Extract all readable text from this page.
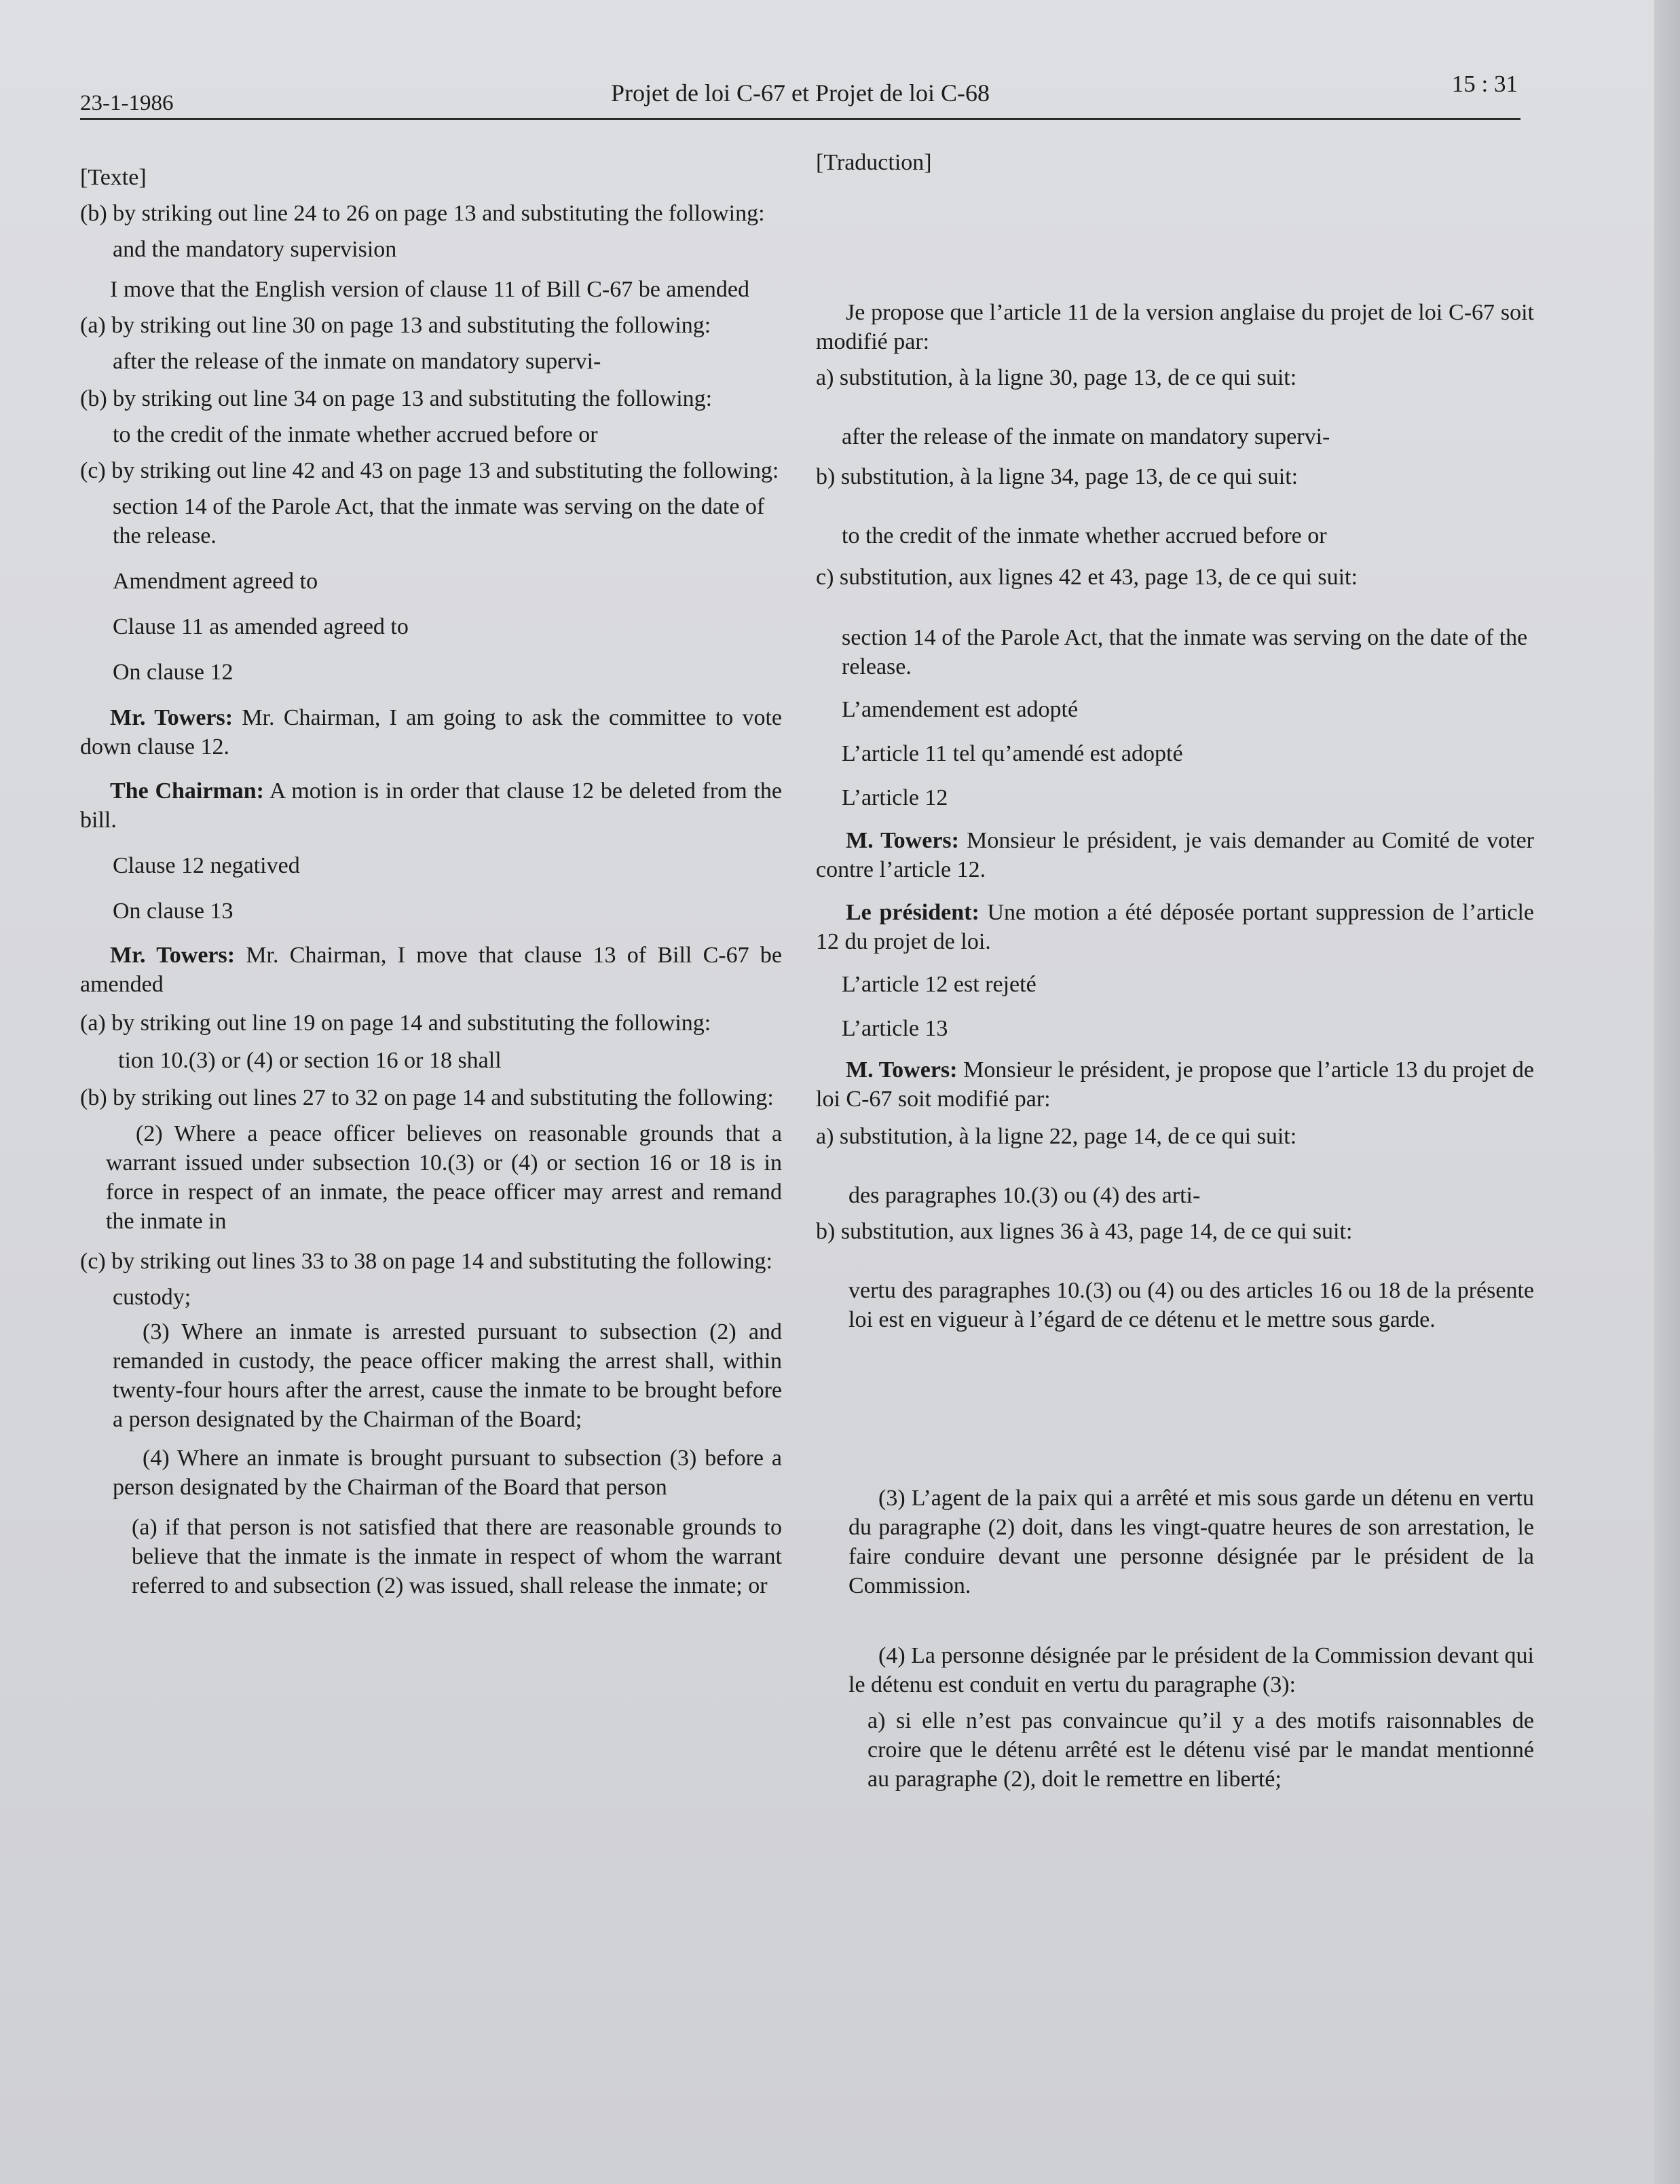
23-1-1986	Projet de loi C-67 et Projet de loi C-68	15 : 31

[Texte]

(b) by striking out line 24 to 26 on page 13 and substituting the following:

and the mandatory supervision

I move that the English version of clause 11 of Bill C-67 be amended

(a) by striking out line 30 on page 13 and substituting the following:

after the release of the inmate on mandatory supervi-

(b) by striking out line 34 on page 13 and substituting the following:

to the credit of the inmate whether accrued before or

(c) by striking out line 42 and 43 on page 13 and substituting the following:

section 14 of the Parole Act, that the inmate was serving on the date of the release.

Amendment agreed to

Clause 11 as amended agreed to

On clause 12

Mr. Towers: Mr. Chairman, I am going to ask the committee to vote down clause 12.

The Chairman: A motion is in order that clause 12 be deleted from the bill.

Clause 12 negatived

On clause 13

Mr. Towers: Mr. Chairman, I move that clause 13 of Bill C-67 be amended

(a) by striking out line 19 on page 14 and substituting the following:

tion 10.(3) or (4) or section 16 or 18 shall

(b) by striking out lines 27 to 32 on page 14 and substituting the following:

(2) Where a peace officer believes on reasonable grounds that a warrant issued under subsection 10.(3) or (4) or section 16 or 18 is in force in respect of an inmate, the peace officer may arrest and remand the inmate in

(c) by striking out lines 33 to 38 on page 14 and substituting the following:

custody;

(3) Where an inmate is arrested pursuant to subsection (2) and remanded in custody, the peace officer making the arrest shall, within twenty-four hours after the arrest, cause the inmate to be brought before a person designated by the Chairman of the Board;

(4) Where an inmate is brought pursuant to subsection (3) before a person designated by the Chairman of the Board that person

(a) if that person is not satisfied that there are reasonable grounds to believe that the inmate is the inmate in respect of whom the warrant referred to and subsection (2) was issued, shall release the inmate; or

[Traduction]

Je propose que l’article 11 de la version anglaise du projet de loi C-67 soit modifié par:

a) substitution, à la ligne 30, page 13, de ce qui suit:

after the release of the inmate on mandatory supervi-

b) substitution, à la ligne 34, page 13, de ce qui suit:

to the credit of the inmate whether accrued before or

c) substitution, aux lignes 42 et 43, page 13, de ce qui suit:

section 14 of the Parole Act, that the inmate was serving on the date of the release.

L’amendement est adopté

L’article 11 tel qu’amendé est adopté

L’article 12

M. Towers: Monsieur le président, je vais demander au Comité de voter contre l’article 12.

Le président: Une motion a été déposée portant suppression de l’article 12 du projet de loi.

L’article 12 est rejeté

L’article 13

M. Towers: Monsieur le président, je propose que l’article 13 du projet de loi C-67 soit modifié par:

a) substitution, à la ligne 22, page 14, de ce qui suit:

des paragraphes 10.(3) ou (4) des arti-

b) substitution, aux lignes 36 à 43, page 14, de ce qui suit:

vertu des paragraphes 10.(3) ou (4) ou des articles 16 ou 18 de la présente loi est en vigueur à l’égard de ce détenu et le mettre sous garde.

(3) L’agent de la paix qui a arrêté et mis sous garde un détenu en vertu du paragraphe (2) doit, dans les vingt-quatre heures de son arrestation, le faire conduire devant une personne désignée par le président de la Commission.

(4) La personne désignée par le président de la Commission devant qui le détenu est conduit en vertu du paragraphe (3):

a) si elle n’est pas convaincue qu’il y a des motifs raisonnables de croire que le détenu arrêté est le détenu visé par le mandat mentionné au paragraphe (2), doit le remettre en liberté;
